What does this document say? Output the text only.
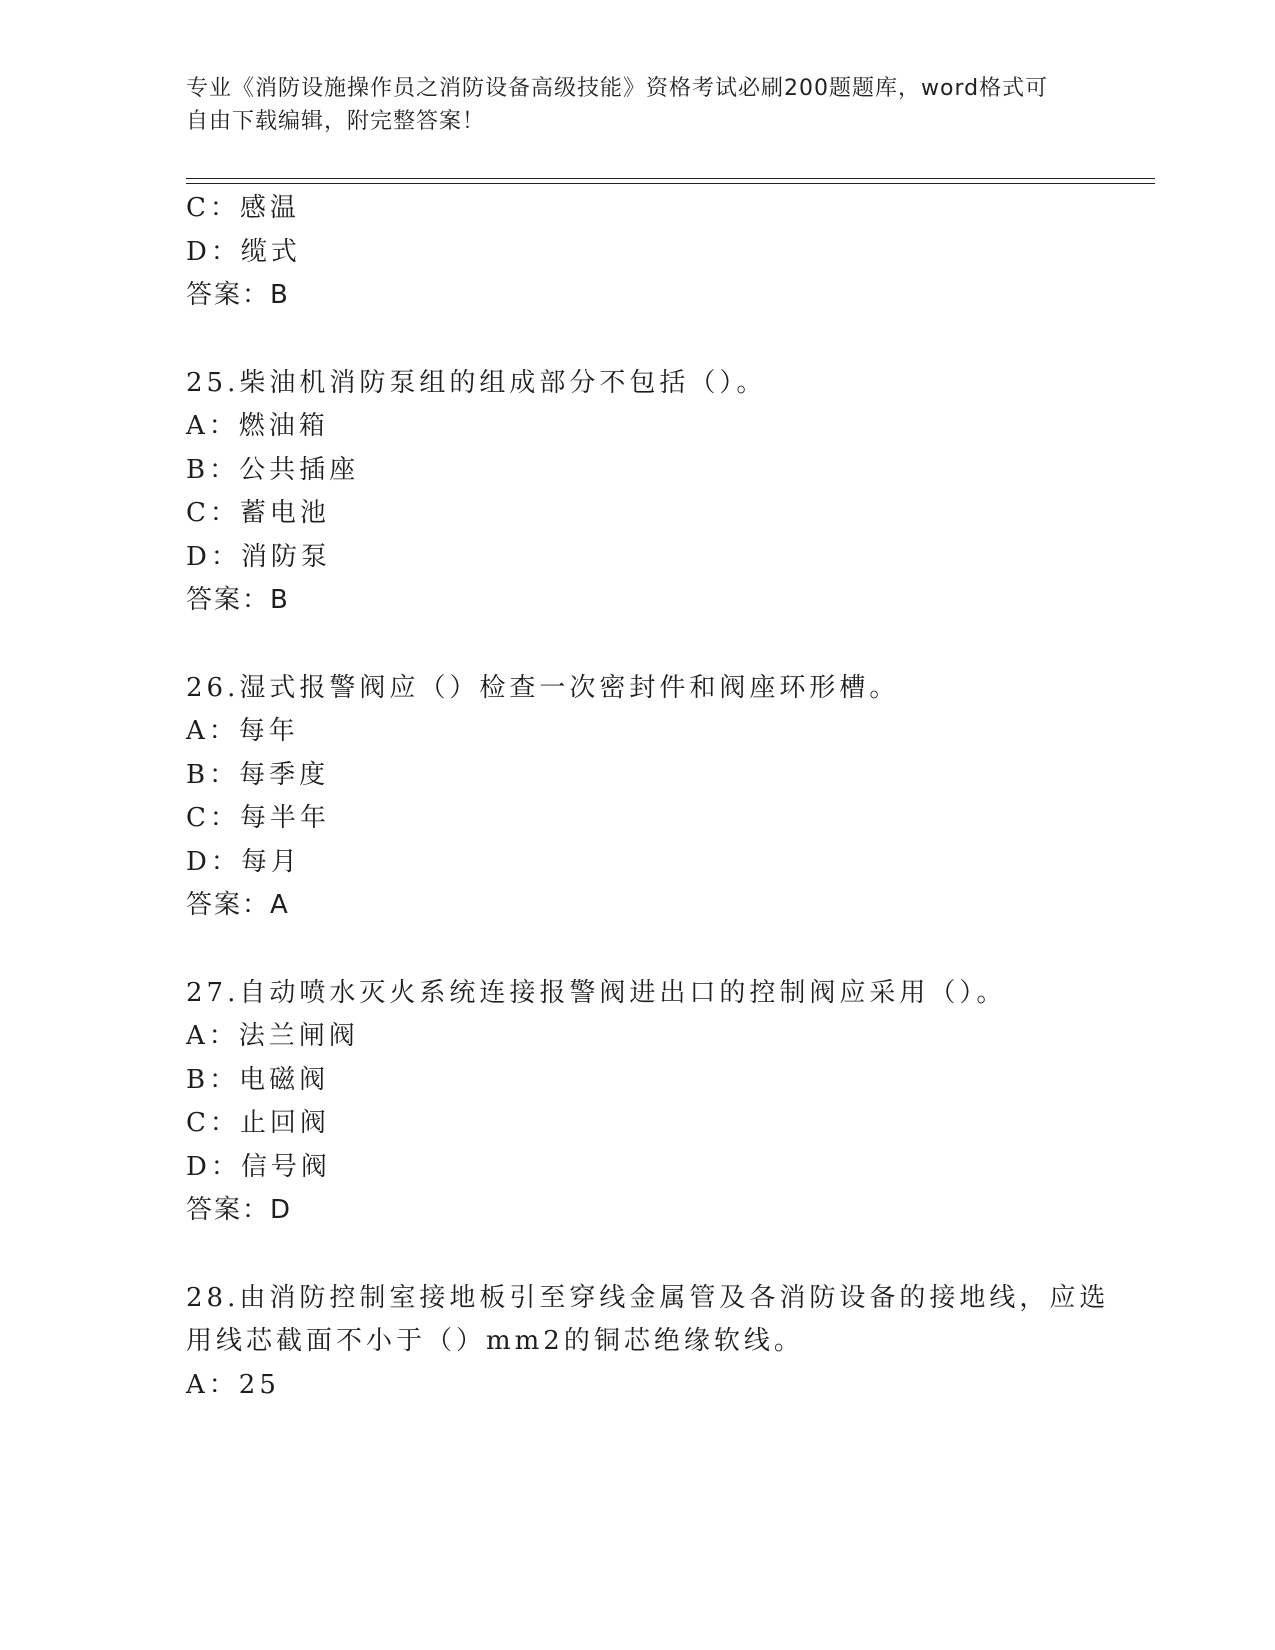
专业《消防设施操作员之消防设备高级技能》资格考试必刷200题题库，word格式可自由下载编辑，附完整答案！
C：感温
D：缆式
答案：B
25.柴油机消防泵组的组成部分不包括（）。
A：燃油箱
B：公共插座
C：蓄电池
D：消防泵
答案：B
26.湿式报警阀应（）检查一次密封件和阀座环形槽。
A：每年
B：每季度
C：每半年
D：每月
答案：A
27.自动喷水灭火系统连接报警阀进出口的控制阀应采用（）。
A：法兰闸阀
B：电磁阀
C：止回阀
D：信号阀
答案：D
28.由消防控制室接地板引至穿线金属管及各消防设备的接地线，应选
用线芯截面不小于（）mm2的铜芯绝缘软线。
A：25
